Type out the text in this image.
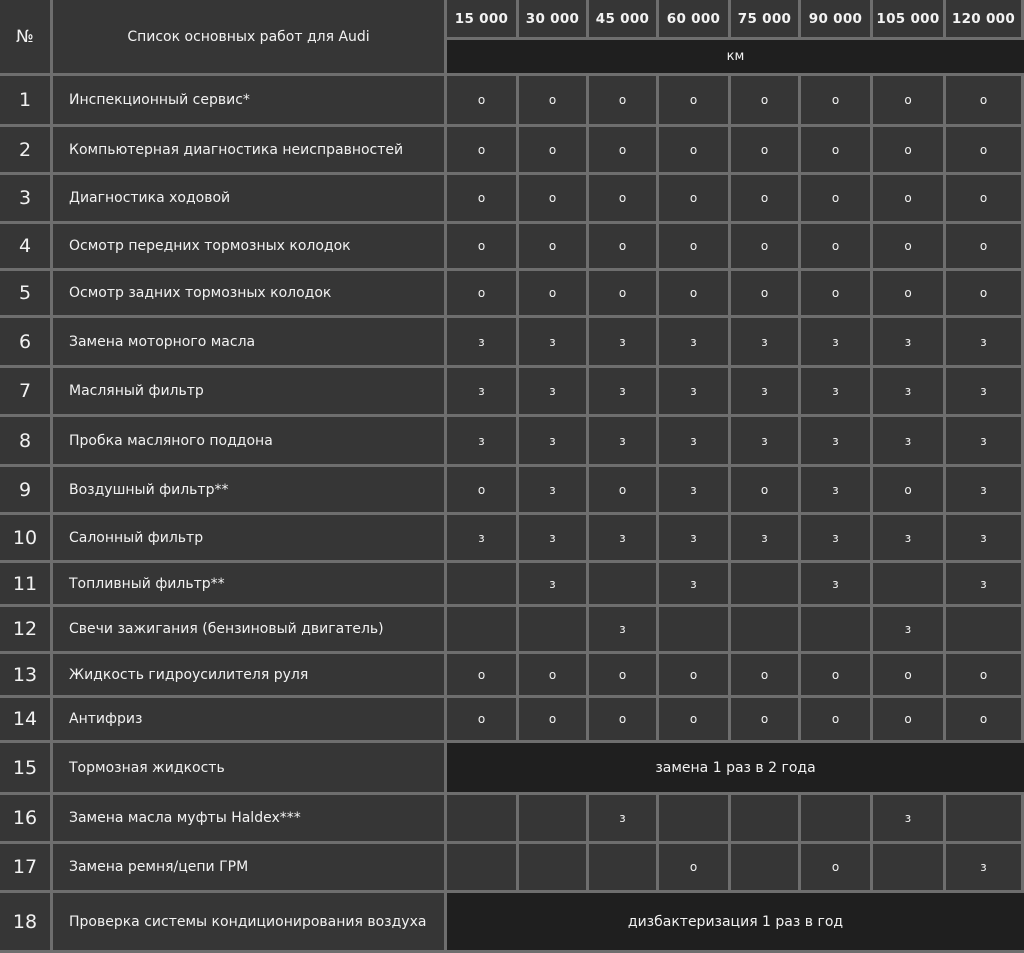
№	Список основных работ для Audi	15 000	30 000	45 000	60 000	75 000	90 000	105 000	120 000
		км							
1	Инспекционный сервис*	о	о	о	о	о	о	о	о
2	Компьютерная диагностика неисправностей	о	о	о	о	о	о	о	о
3	Диагностика ходовой	о	о	о	о	о	о	о	о
4	Осмотр передних тормозных колодок	о	о	о	о	о	о	о	о
5	Осмотр задних тормозных колодок	о	о	о	о	о	о	о	о
6	Замена моторного масла	з	з	з	з	з	з	з	з
7	Масляный фильтр	з	з	з	з	з	з	з	з
8	Пробка масляного поддона	з	з	з	з	з	з	з	з
9	Воздушный фильтр**	о	з	о	з	о	з	о	з
10	Салонный фильтр	з	з	з	з	з	з	з	з
11	Топливный фильтр**		з		з		з		з
12	Свечи зажигания (бензиновый двигатель)			з				з	
13	Жидкость гидроусилителя руля	о	о	о	о	о	о	о	о
14	Антифриз	о	о	о	о	о	о	о	о
15	Тормозная жидкость	замена 1 раз в 2 года							
16	Замена масла муфты Haldex***			з				з	
17	Замена ремня/цепи ГРМ				о		о		з
18	Проверка системы кондиционирования воздуха	дизбактеризация 1 раз в год							
